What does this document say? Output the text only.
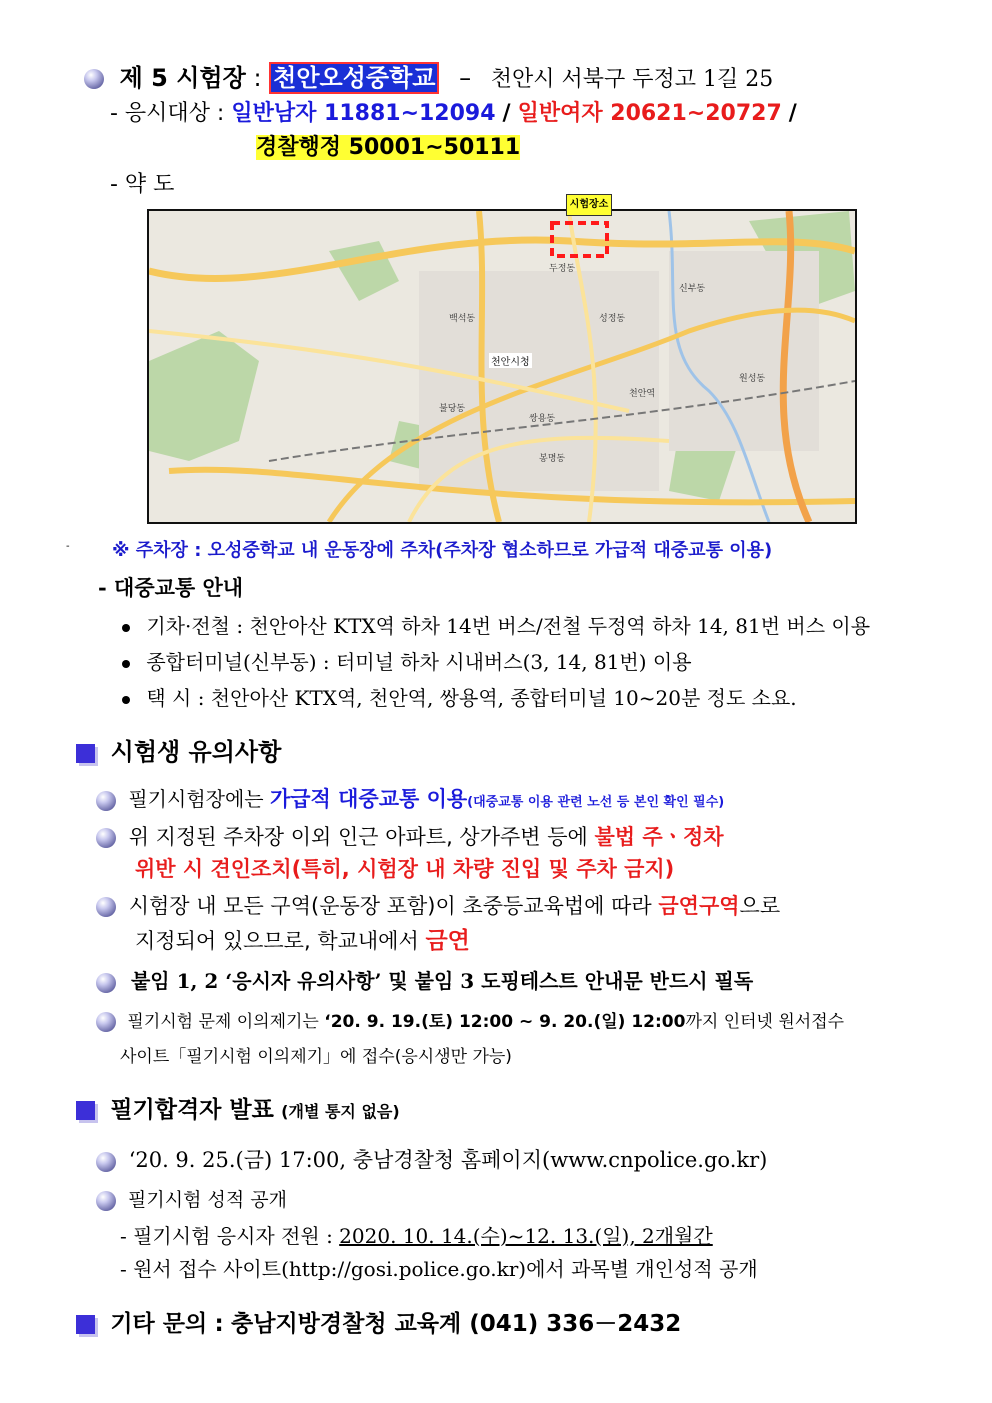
제 5 시험장 : 천안오성중학교 – 천안시 서북구 두정고 1길 25
- 응시대상 : 일반남자 11881~12094 / 일반여자 20621~20727 /
경찰행정 50001~50111
- 약 도
천안시청
신부동
두정동
성정동
쌍용동
천안역
불당동
백석동
봉명동
원성동
시험장소
- ※ 주차장 : 오성중학교 내 운동장에 주차(주차장 협소하므로 가급적 대중교통 이용)
- 대중교통 안내
기차·전철 : 천안아산 KTX역 하차 14번 버스/전철 두정역 하차 14, 81번 버스 이용
종합터미널(신부동) : 터미널 하차 시내버스(3, 14, 81번) 이용
택 시 : 천안아산 KTX역, 천안역, 쌍용역, 종합터미널 10~20분 정도 소요.
시험생 유의사항
필기시험장에는 가급적 대중교통 이용(대중교통 이용 관련 노선 등 본인 확인 필수)
위 지정된 주차장 이외 인근 아파트, 상가주변 등에 불법 주ㆍ정차
위반 시 견인조치(특히, 시험장 내 차량 진입 및 주차 금지)
시험장 내 모든 구역(운동장 포함)이 초중등교육법에 따라 금연구역으로
지정되어 있으므로, 학교내에서 금연
붙임 1, 2 ‘응시자 유의사항’ 및 붙임 3 도핑테스트 안내문 반드시 필독
필기시험 문제 이의제기는 ‘20. 9. 19.(토) 12:00 ~ 9. 20.(일) 12:00까지 인터넷 원서접수
사이트「필기시험 이의제기」에 접수(응시생만 가능)
필기합격자 발표 (개별 통지 없음)
‘20. 9. 25.(금) 17:00, 충남경찰청 홈페이지(www.cnpolice.go.kr)
필기시험 성적 공개
- 필기시험 응시자 전원 : 2020. 10. 14.(수)~12. 13.(일), 2개월간
- 원서 접수 사이트(http://gosi.police.go.kr)에서 과목별 개인성적 공개
기타 문의 : 충남지방경찰청 교육계 (041) 336－2432
